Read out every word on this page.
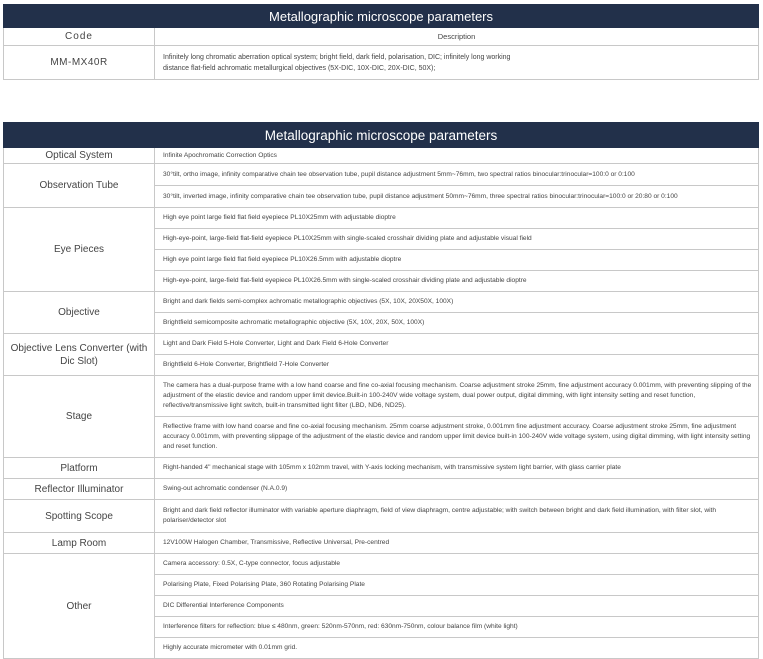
Metallographic microscope parameters	
Code	Description
MM-MX40R	Infinitely long chromatic aberration optical system; bright field, dark field, polarisation, DIC; infinitely long working
distance flat-field achromatic metallurgical objectives (5X-DIC, 10X-DIC, 20X-DIC, 50X);
Metallographic microscope parameters	
Optical System	Infinite Apochromatic Correction Optics
Observation Tube	30°tilt, ortho image, infinity comparative chain tee observation tube, pupil distance adjustment 5mm~76mm, two spectral ratios binocular:trinocular=100:0 or 0:100
	30°tilt, inverted image, infinity comparative chain tee observation tube, pupil distance adjustment 50mm~76mm, three spectral ratios binocular:trinocular=100:0 or 20:80 or 0:100
Eye Pieces	High eye point large field flat field eyepiece PL10X25mm with adjustable dioptre
	High-eye-point, large-field flat-field eyepiece PL10X25mm with single-scaled crosshair dividing plate and adjustable visual field
	High eye point large field flat field eyepiece PL10X26.5mm with adjustable dioptre
	High-eye-point, large-field flat-field eyepiece PL10X26.5mm with single-scaled crosshair dividing plate and adjustable dioptre
Objective	Bright and dark fields semi-complex achromatic metallographic objectives (5X, 10X, 20X50X, 100X)
	Brightfield semicomposite achromatic metallographic objective (5X, 10X, 20X, 50X, 100X)
Objective Lens Converter (with Dic Slot)	Light and Dark Field 5-Hole Converter, Light and Dark Field 6-Hole Converter
	Brightfield 6-Hole Converter, Brightfield 7-Hole Converter
Stage	The camera has a dual-purpose frame with a low hand coarse and fine co-axial focusing mechanism. Coarse adjustment stroke 25mm, fine adjustment accuracy 0.001mm, with preventing slipping of the adjustment of the elastic device and random upper limit device.Built-in 100-240V wide voltage system, dual power output, digital dimming, with light intensity setting and reset function, reflective/transmissive light switch, built-in transmitted light filter (LBD, ND6, ND25).
	Reflective frame with low hand coarse and fine co-axial focusing mechanism. 25mm coarse adjustment stroke, 0.001mm fine adjustment accuracy. Coarse adjustment stroke 25mm, fine adjustment accuracy 0.001mm, with preventing slippage of the adjustment of the elastic device and random upper limit device built-in 100-240V wide voltage system, using digital dimming, with light intensity setting and reset function.
Platform	Right-handed 4" mechanical stage with 105mm x 102mm travel, with Y-axis locking mechanism, with transmissive system light barrier, with glass carrier plate
Reflector Illuminator	Swing-out achromatic condenser (N.A.0.9)
Spotting Scope	Bright and dark field reflector illuminator with variable aperture diaphragm, field of view diaphragm, centre adjustable; with switch between bright and dark field illumination, with filter slot, with polariser/detector slot
Lamp Room	12V100W Halogen Chamber, Transmissive, Reflective Universal, Pre-centred
Other	Camera accessory: 0.5X, C-type connector, focus adjustable
	Polarising Plate, Fixed Polarising Plate, 360 Rotating Polarising Plate
	DIC Differential Interference Components
	Interference filters for reflection: blue ≤ 480nm, green: 520nm-570nm, red: 630nm-750nm, colour balance film (white light)
	Highly accurate micrometer with 0.01mm grid.
